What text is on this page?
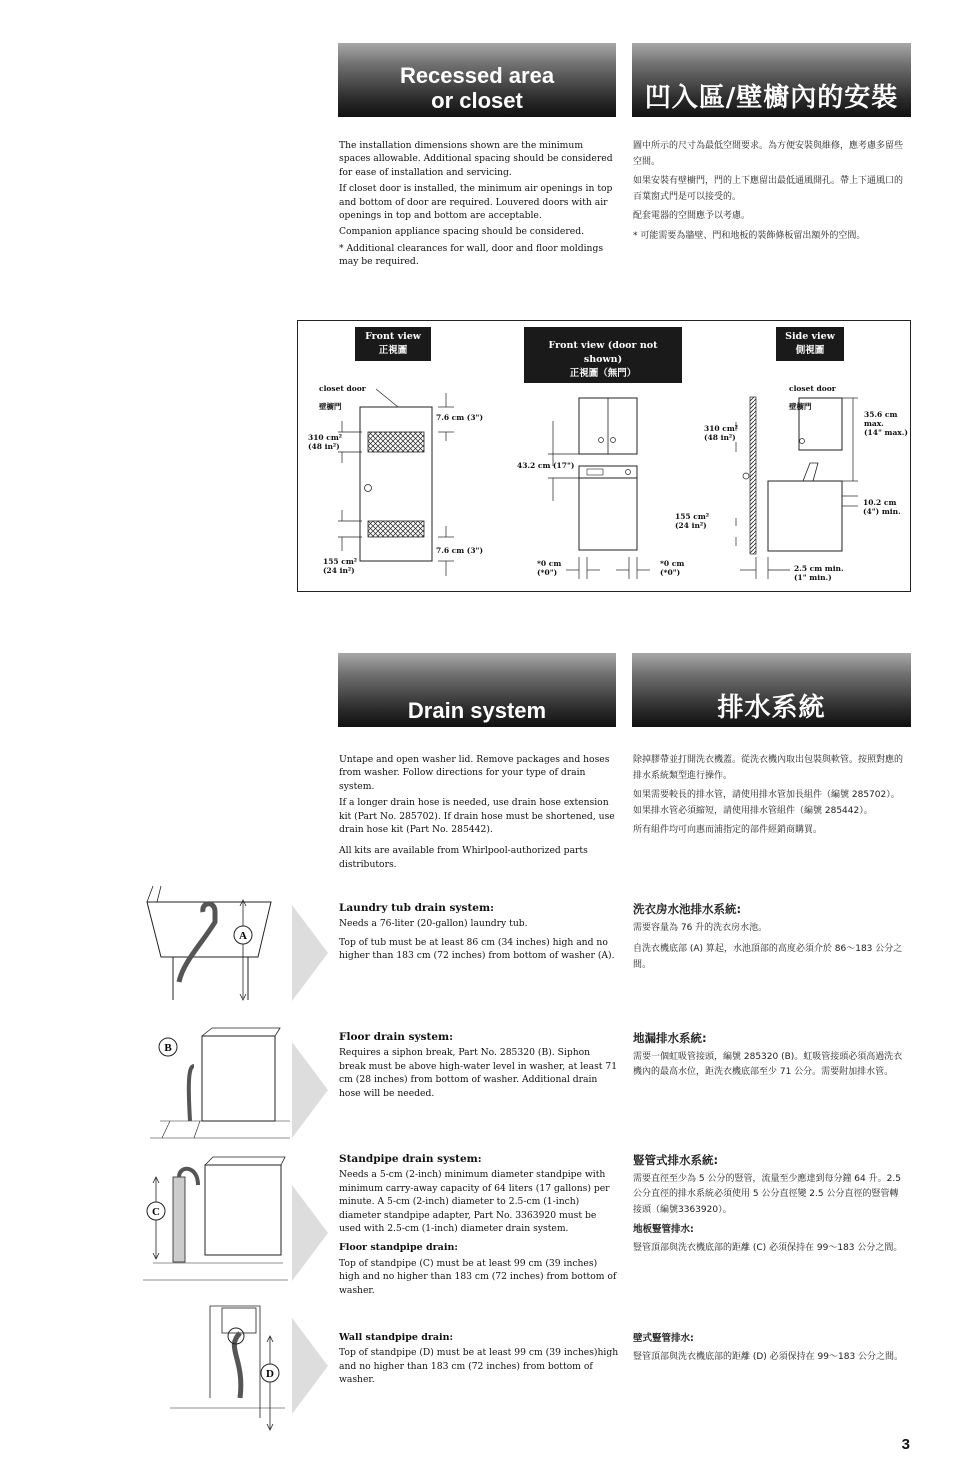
Recessed area
or closet	凹入區/壁櫥內的安裝

The installation dimensions shown are the minimum spaces allowable. Additional spacing should be considered for ease of installation and servicing.

If closet door is installed, the minimum air openings in top and bottom of door are required. Louvered doors with air openings in top and bottom are acceptable.

Companion appliance spacing should be considered.

* Additional clearances for wall, door and floor moldings may be required.

圖中所示的尺寸為最低空間要求。為方便安裝與維修，應考慮多留些空間。

如果安裝有壁櫥門，門的上下應留出最低通風開孔。帶上下通風口的百葉窗式門是可以接受的。

配套電器的空間應予以考慮。

* 可能需要為牆壁、門和地板的裝飾條板留出額外的空間。

Front view
正視圖	Front view (door not shown)
正視圖（無門）
Side view
側視圖

closet door

壁櫥門

310 cm²
(48 in²)
155 cm²
(24 in²)
7.6 cm (3")
7.6 cm (3")
43.2 cm (17")
*0 cm
(*0")
*0 cm
(*0")

closet door

壁櫥門

310 cm²
(48 in²)
155 cm²
(24 in²)
35.6 cm
max.
(14" max.)
10.2 cm
(4") min.
2.5 cm min.
(1" min.)
Drain system	排水系統

Untape and open washer lid. Remove packages and hoses from washer. Follow directions for your type of drain system.

If a longer drain hose is needed, use drain hose extension kit (Part No. 285702). If drain hose must be shortened, use drain hose kit (Part No. 285442).

All kits are available from Whirlpool-authorized parts distributors.

除掉膠帶並打開洗衣機蓋。從洗衣機內取出包裝與軟管。按照對應的排水系統類型進行操作。

如果需要較長的排水管，請使用排水管加長組件（編號 285702）。如果排水管必須縮短，請使用排水管組件（編號 285442）。

所有組件均可向惠而浦指定的部件經銷商購買。

A
B
C
D
Laundry tub drain system:

Needs a 76-liter (20-gallon) laundry tub.

Top of tub must be at least 86 cm (34 inches) high and no higher than 183 cm (72 inches) from bottom of washer (A).

洗衣房水池排水系統:

需要容量為 76 升的洗衣房水池。

自洗衣機底部 (A) 算起，水池頂部的高度必須介於 86～183 公分之間。

Floor drain system:

Requires a siphon break, Part No. 285320 (B). Siphon break must be above high-water level in washer, at least 71 cm (28 inches) from bottom of washer. Additional drain hose will be needed.

地漏排水系統:

需要一個虹吸管接頭，編號 285320 (B)。虹吸管接頭必須高過洗衣機內的最高水位，距洗衣機底部至少 71 公分。需要附加排水管。

Standpipe drain system:

Needs a 5-cm (2-inch) minimum diameter standpipe with minimum carry-away capacity of 64 liters (17 gallons) per minute. A 5-cm (2-inch) diameter to 2.5-cm (1-inch) diameter standpipe adapter, Part No. 3363920 must be used with 2.5-cm (1-inch) diameter drain system.

Floor standpipe drain:

Top of standpipe (C) must be at least 99 cm (39 inches) high and no higher than 183 cm (72 inches) from bottom of washer.

豎管式排水系統:

需要直徑至少為 5 公分的豎管，流量至少應達到每分鐘 64 升。2.5 公分直徑的排水系統必須使用 5 公分直徑變 2.5 公分直徑的豎管轉接頭（編號3363920）。

地板豎管排水:

豎管頂部與洗衣機底部的距離 (C) 必須保持在 99～183 公分之間。

Wall standpipe drain:

Top of standpipe (D) must be at least 99 cm (39 inches)high and no higher than 183 cm (72 inches) from bottom of washer.

壁式豎管排水:

豎管頂部與洗衣機底部的距離 (D) 必須保持在 99～183 公分之間。

3
